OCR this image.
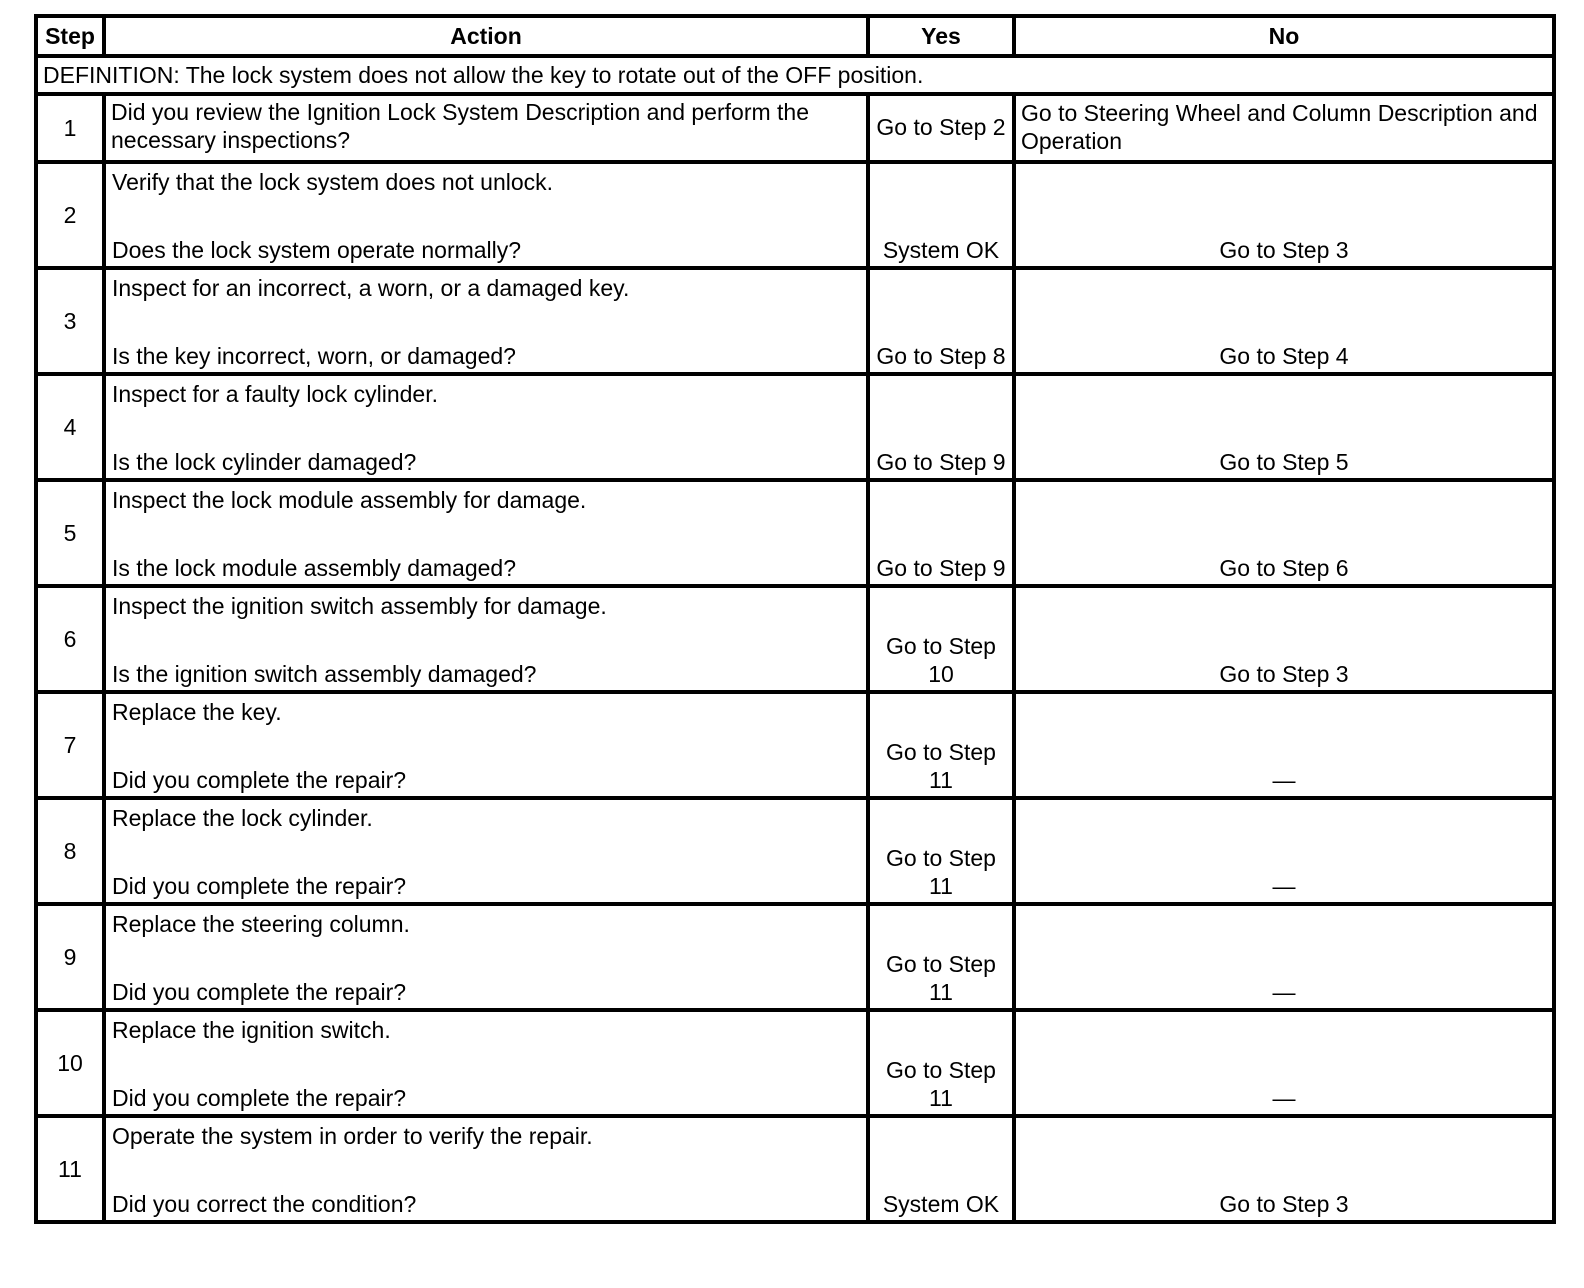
Step	Action	Yes	No
DEFINITION: The lock system does not allow the key to rotate out of the OFF position.			
1	Did you review the Ignition Lock System Description and perform the necessary inspections?	Go to Step 2	Go to Steering Wheel and Column Description and Operation
2	Verify that the lock system does not unlock.
Does the lock system operate normally?	System OK	Go to Step 3
3	Inspect for an incorrect, a worn, or a damaged key.
Is the key incorrect, worn, or damaged?	Go to Step 8	Go to Step 4
4	Inspect for a faulty lock cylinder.
Is the lock cylinder damaged?	Go to Step 9	Go to Step 5
5	Inspect the lock module assembly for damage.
Is the lock module assembly damaged?	Go to Step 9	Go to Step 6
6	Inspect the ignition switch assembly for damage.
Is the ignition switch assembly damaged?	Go to Step 10	Go to Step 3
7	Replace the key.
Did you complete the repair?	Go to Step 11	—
8	Replace the lock cylinder.
Did you complete the repair?	Go to Step 11	—
9	Replace the steering column.
Did you complete the repair?	Go to Step 11	—
10	Replace the ignition switch.
Did you complete the repair?	Go to Step 11	—
11	Operate the system in order to verify the repair.
Did you correct the condition?	System OK	Go to Step 3
